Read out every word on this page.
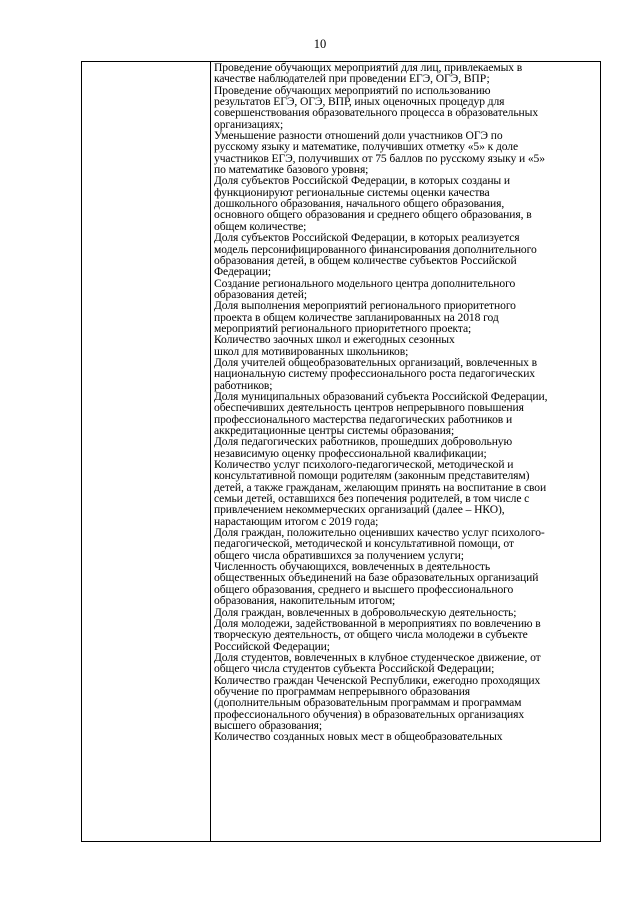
10

Проведение обучающих мероприятий для лиц, привлекаемых в
качестве наблюдателей при проведении ЕГЭ, ОГЭ, ВПР;
Проведение обучающих мероприятий по использованию
результатов ЕГЭ, ОГЭ, ВПР, иных оценочных процедур для
совершенствования образовательного процесса в образовательных
организациях;
Уменьшение разности отношений доли участников ОГЭ по
русскому языку и математике, получивших отметку «5» к доле
участников ЕГЭ, получивших от 75 баллов по русскому языку и «5»
по математике базового уровня;
Доля субъектов Российской Федерации, в которых созданы и
функционируют региональные системы оценки качества
дошкольного образования, начального общего образования,
основного общего образования и среднего общего образования, в
общем количестве;
Доля субъектов Российской Федерации, в которых реализуется
модель персонифицированного финансирования дополнительного
образования детей, в общем количестве субъектов Российской
Федерации;
Создание регионального модельного центра дополнительного
образования детей;
Доля выполнения мероприятий регионального приоритетного
проекта в общем количестве запланированных на 2018 год
мероприятий регионального приоритетного проекта;
Количество заочных школ и ежегодных сезонных
школ для мотивированных школьников;
Доля учителей общеобразовательных организаций, вовлеченных в
национальную систему профессионального роста педагогических
работников;
Доля муниципальных образований субъекта Российской Федерации,
обеспечивших деятельность центров непрерывного повышения
профессионального мастерства педагогических работников и
аккредитационные центры системы образования;
Доля педагогических работников, прошедших добровольную
независимую оценку профессиональной квалификации;
Количество услуг психолого-педагогической, методической и
консультативной помощи родителям (законным представителям)
детей, а также гражданам, желающим принять на воспитание в свои
семьи детей, оставшихся без попечения родителей, в том числе с
привлечением некоммерческих организаций (далее – НКО),
нарастающим итогом с 2019 года;
Доля граждан, положительно оценивших качество услуг психолого-
педагогической, методической и консультативной помощи, от
общего числа обратившихся за получением услуги;
Численность обучающихся, вовлеченных в деятельность
общественных объединений на базе образовательных организаций
общего образования, среднего и высшего профессионального
образования, накопительным итогом;
Доля граждан, вовлеченных в добровольческую деятельность;
Доля молодежи, задействованной в мероприятиях по вовлечению в
творческую деятельность, от общего числа молодежи в субъекте
Российской Федерации;
Доля студентов, вовлеченных в клубное студенческое движение, от
общего числа студентов субъекта Российской Федерации;
Количество граждан Чеченской Республики, ежегодно проходящих
обучение по программам непрерывного образования
(дополнительным образовательным программам и программам
профессионального обучения) в образовательных организациях
высшего образования;
Количество созданных новых мест в общеобразовательных
